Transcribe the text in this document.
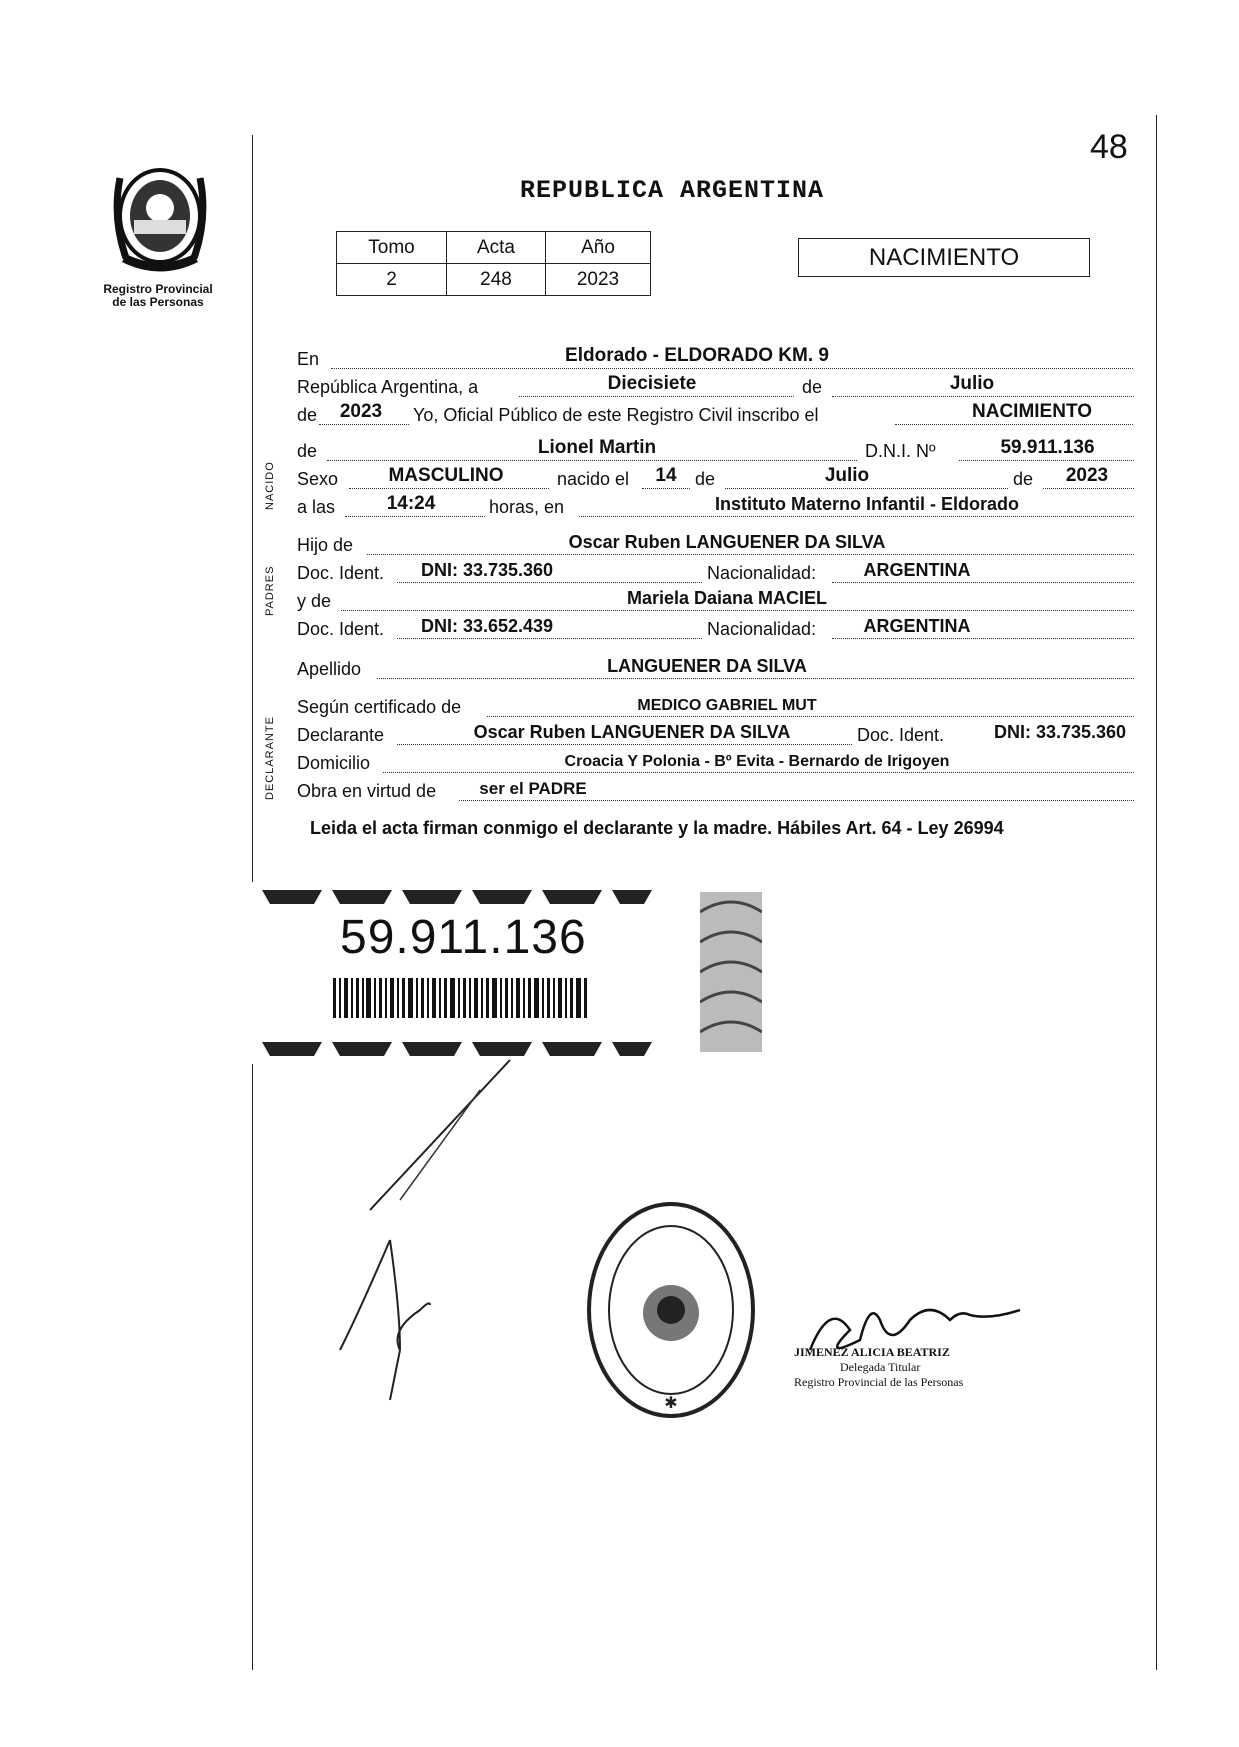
48
Registro Provincial
de las Personas
REPUBLICA ARGENTINA
Tomo	Acta	Año
2	248	2023
NACIMIENTO
NACIDO
PADRES
DECLARANTE
En	Eldorado - ELDORADO KM. 9
República Argentina, a	Diecisiete	de	Julio
de	2023	Yo, Oficial Público de este Registro Civil inscribo el	NACIMIENTO
de	Lionel Martin	D.N.I. Nº	59.911.136
Sexo	MASCULINO	nacido el	14	de	Julio	de	2023
a las	14:24	horas, en	Instituto Materno Infantil - Eldorado
Hijo de	Oscar Ruben LANGUENER DA SILVA
Doc. Ident.	DNI: 33.735.360	Nacionalidad:	ARGENTINA
y de	Mariela Daiana MACIEL
Doc. Ident.	DNI: 33.652.439	Nacionalidad:	ARGENTINA
Apellido	LANGUENER DA SILVA
Según certificado de	MEDICO GABRIEL MUT
Declarante	Oscar Ruben LANGUENER DA SILVA	Doc. Ident.	DNI: 33.735.360
Domicilio	Croacia Y Polonia - Bº Evita - Bernardo de Irigoyen
Obra en virtud de	ser el PADRE
Leida el acta firman conmigo el declarante y la madre. Hábiles Art. 64 - Ley 26994
59.911.136
✱
JIMENEZ ALICIA BEATRIZ
Delegada Titular
Registro Provincial de las Personas
